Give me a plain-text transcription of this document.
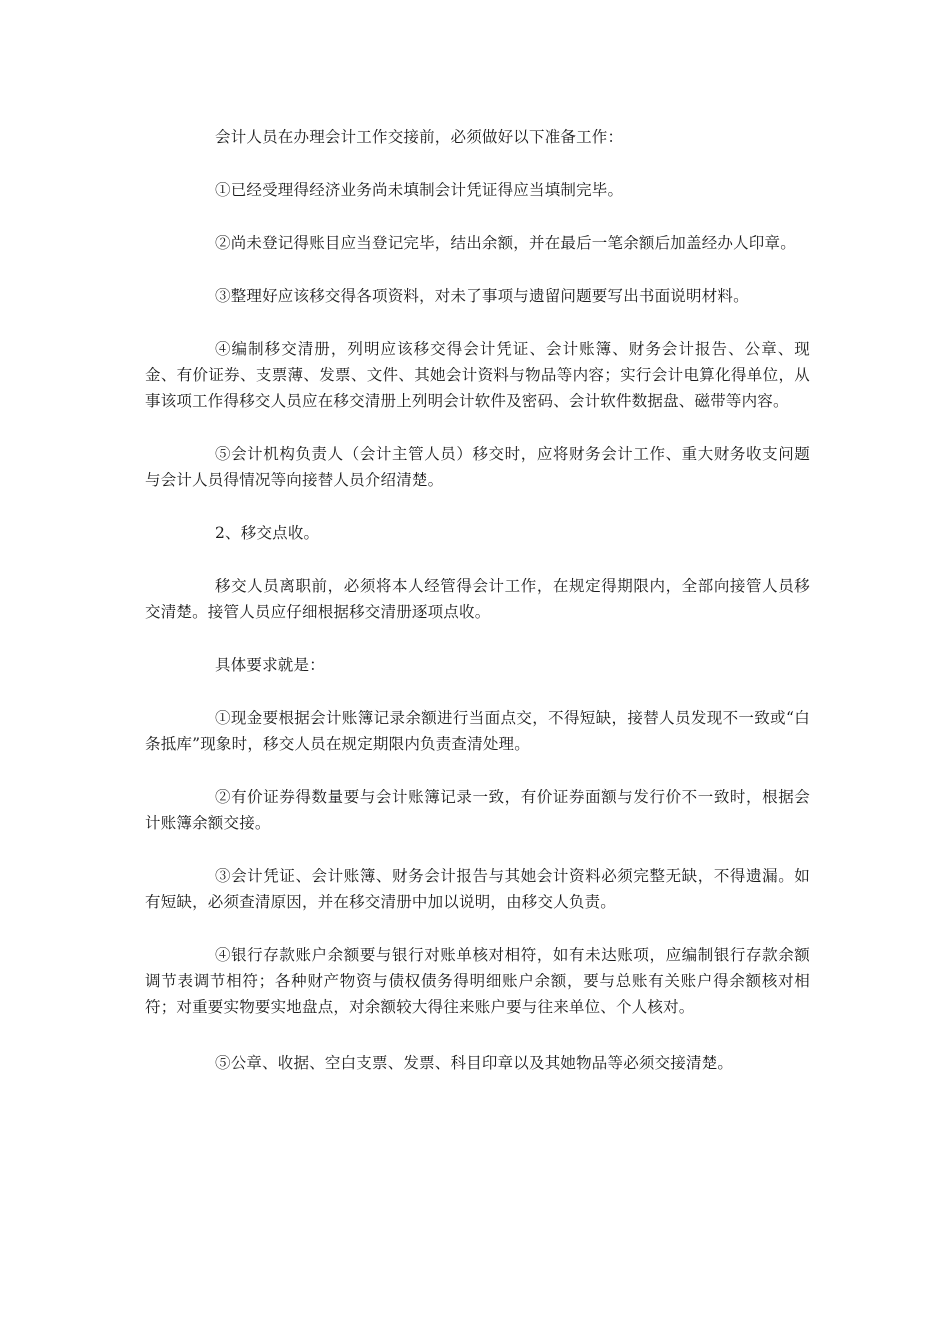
会计人员在办理会计工作交接前，必须做好以下准备工作：

①已经受理得经济业务尚未填制会计凭证得应当填制完毕。

②尚未登记得账目应当登记完毕，结出余额，并在最后一笔余额后加盖经办人印章。

③整理好应该移交得各项资料，对未了事项与遗留问题要写出书面说明材料。

④编制移交清册，列明应该移交得会计凭证、会计账簿、财务会计报告、公章、现金、有价证券、支票薄、发票、文件、其她会计资料与物品等内容；实行会计电算化得单位，从事该项工作得移交人员应在移交清册上列明会计软件及密码、会计软件数据盘、磁带等内容。

⑤会计机构负责人（会计主管人员）移交时，应将财务会计工作、重大财务收支问题与会计人员得情况等向接替人员介绍清楚。

2、移交点收。

移交人员离职前，必须将本人经管得会计工作，在规定得期限内，全部向接管人员移交清楚。接管人员应仔细根据移交清册逐项点收。

具体要求就是：

①现金要根据会计账簿记录余额进行当面点交，不得短缺，接替人员发现不一致或“白条抵库”现象时，移交人员在规定期限内负责查清处理。

②有价证券得数量要与会计账簿记录一致，有价证券面额与发行价不一致时，根据会计账簿余额交接。

③会计凭证、会计账簿、财务会计报告与其她会计资料必须完整无缺，不得遗漏。如有短缺，必须查清原因，并在移交清册中加以说明，由移交人负责。

④银行存款账户余额要与银行对账单核对相符，如有未达账项，应编制银行存款余额调节表调节相符；各种财产物资与债权债务得明细账户余额，要与总账有关账户得余额核对相符；对重要实物要实地盘点，对余额较大得往来账户要与往来单位、个人核对。

⑤公章、收据、空白支票、发票、科目印章以及其她物品等必须交接清楚。
